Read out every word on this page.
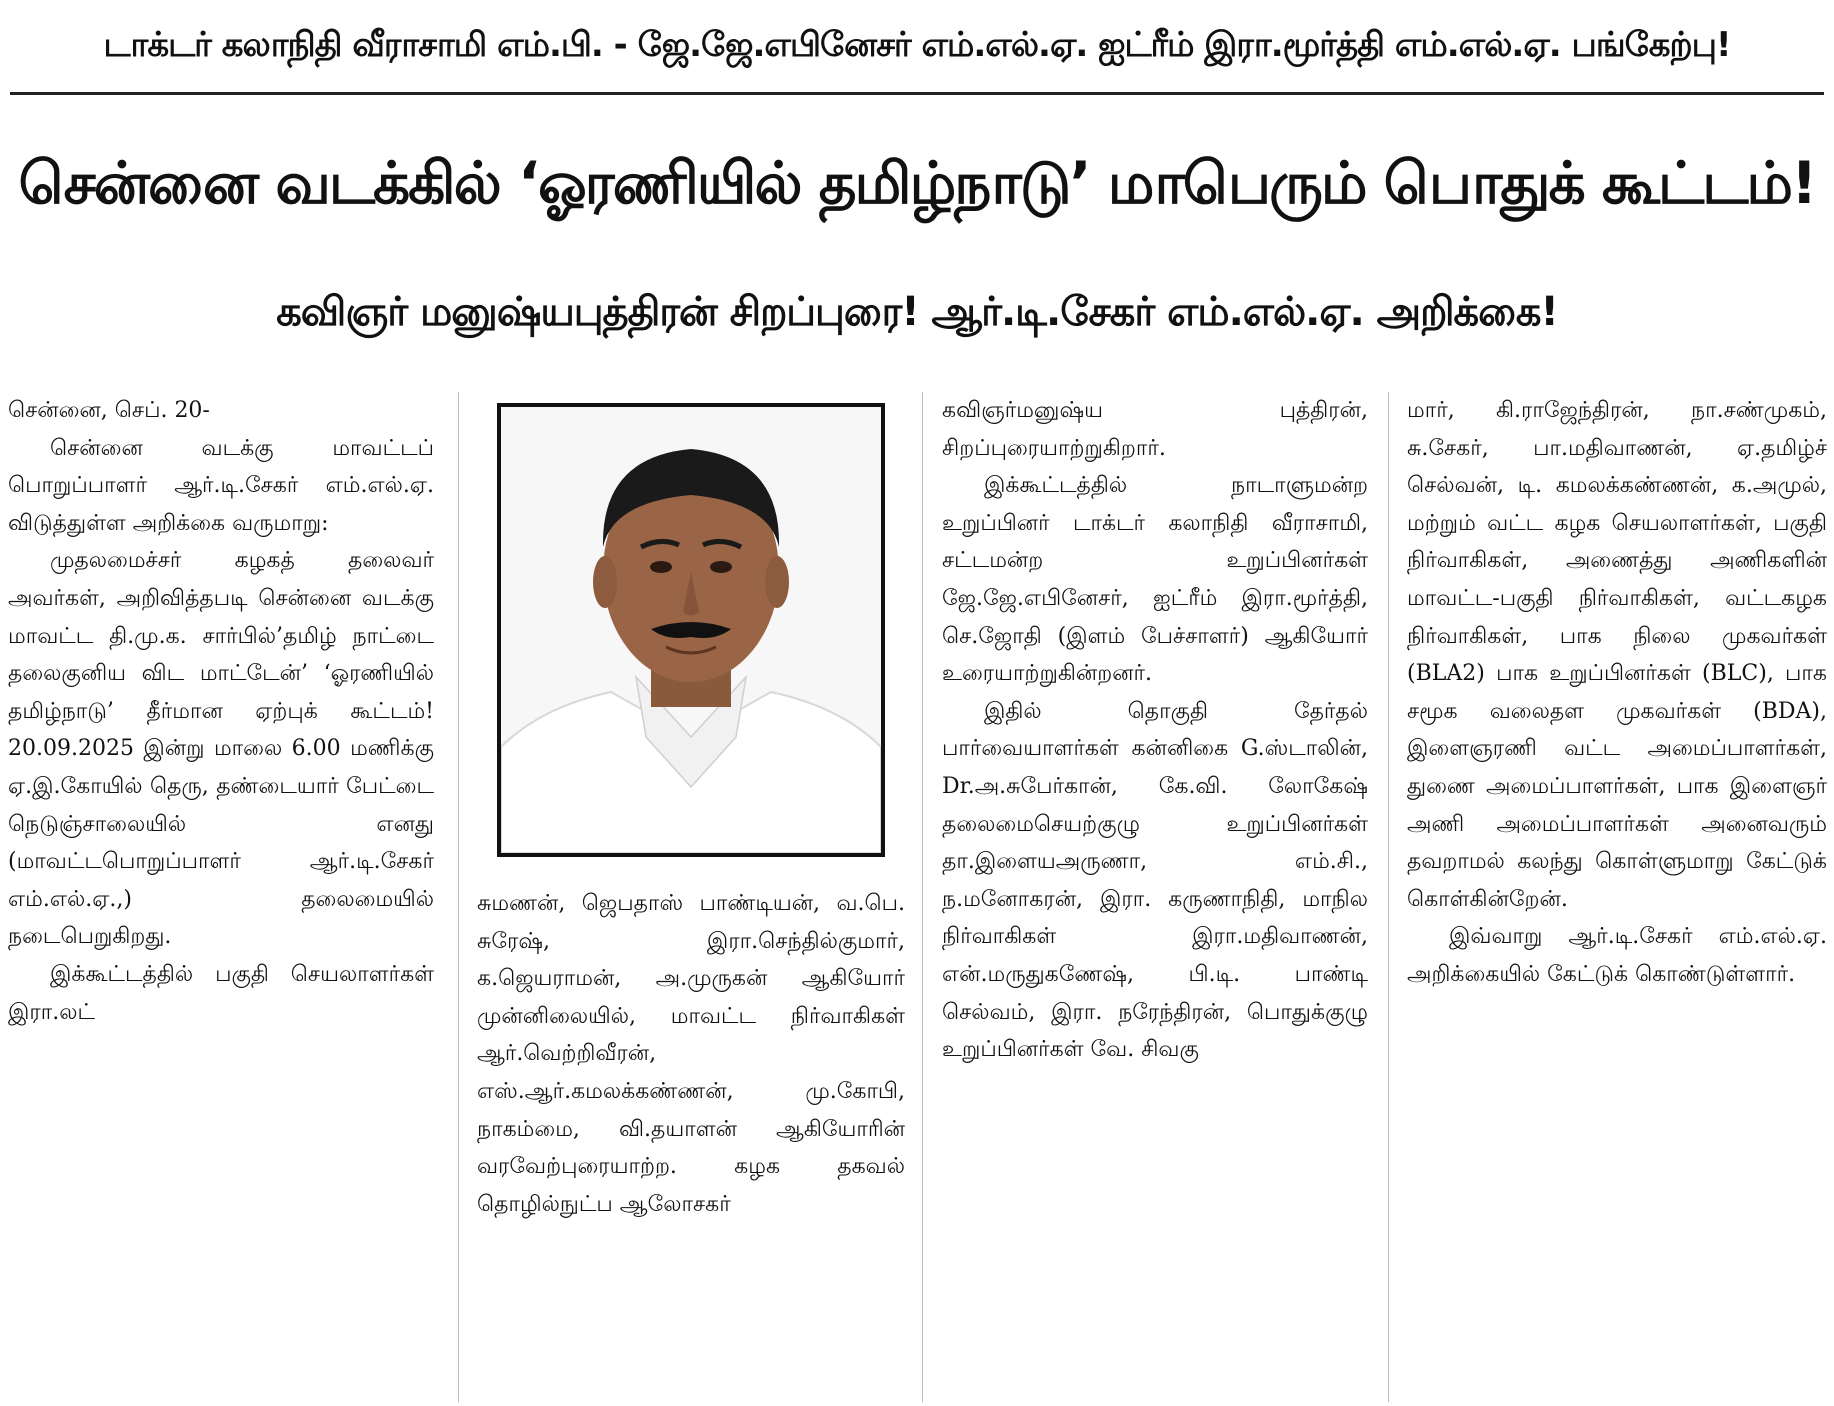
டாக்டர் கலாநிதி வீராசாமி எம்.பி. - ஜே.ஜே.எபினேசர் எம்.எல்.ஏ. ஐட்ரீம் இரா.மூர்த்தி எம்.எல்.ஏ. பங்கேற்பு!
சென்னை வடக்கில் ‘ஓரணியில் தமிழ்நாடு’ மாபெரும் பொதுக் கூட்டம்!
கவிஞர் மனுஷ்யபுத்திரன் சிறப்புரை! ஆர்.டி.சேகர் எம்.எல்.ஏ. அறிக்கை!

சென்னை, செப். 20-

சென்னை வடக்கு மாவட்டப் பொறுப்பாளர் ஆர்.டி.சேகர் எம்.எல்.ஏ. விடுத்துள்ள அறிக்கை வருமாறு:

முதலமைச்சர் கழகத் தலைவர் அவர்கள், அறிவித்தபடி சென்னை வடக்கு மாவட்ட தி.மு.க. சார்பில்’தமிழ் நாட்டை தலைகுனிய விட மாட்டேன்’ ‘ஓரணியில் தமிழ்நாடு’ தீர்மான ஏற்புக் கூட்டம்! 20.09.2025 இன்று மாலை 6.00 மணிக்கு ஏ.இ.கோயில் தெரு, தண்டையார் பேட்டை நெடுஞ்சாலையில் எனது (மாவட்டபொறுப்பாளர் ஆர்.டி.சேகர் எம்.எல்.ஏ.,) தலைமையில் நடைபெறுகிறது.

இக்கூட்டத்தில் பகுதி செயலாளர்கள் இரா.லட்

சுமணன், ஜெபதாஸ் பாண்டியன், வ.பெ. சுரேஷ், இரா.செந்தில்குமார், க.ஜெயராமன், அ.முருகன் ஆகியோர் முன்னிலையில், மாவட்ட நிர்வாகிகள் ஆர்.வெற்றிவீரன், எஸ்.ஆர்.கமலக்கண்ணன், மு.கோபி, நாகம்மை, வி.தயாளன் ஆகியோரின் வரவேற்புரையாற்ற. கழக தகவல் தொழில்நுட்ப ஆலோசகர்

கவிஞர்மனுஷ்ய புத்திரன், சிறப்புரையாற்றுகிறார்.

இக்கூட்டத்தில் நாடாளுமன்ற உறுப்பினர் டாக்டர் கலாநிதி வீராசாமி, சட்டமன்ற உறுப்பினர்கள் ஜே.ஜே.எபினேசர், ஐட்ரீம் இரா.மூர்த்தி, செ.ஜோதி (இளம் பேச்சாளர்) ஆகியோர் உரையாற்றுகின்றனர்.

இதில் தொகுதி தேர்தல் பார்வையாளர்கள் கன்னிகை G.ஸ்டாலின், Dr.அ.சுபேர்கான், கே.வி. லோகேஷ் தலைமைசெயற்குழு உறுப்பினர்கள் தா.இளையஅருணா, எம்.சி., ந.மனோகரன், இரா. கருணாநிதி, மாநில நிர்வாகிகள் இரா.மதிவாணன், என்.மருதுகணேஷ், பி.டி. பாண்டி செல்வம், இரா. நரேந்திரன், பொதுக்குழு உறுப்பினர்கள் வே. சிவகு

மார், கி.ராஜேந்திரன், நா.சண்முகம், சு.சேகர், பா.மதிவாணன், ஏ.தமிழ்ச் செல்வன், டி. கமலக்கண்ணன், க.அமுல், மற்றும் வட்ட கழக செயலாளர்கள், பகுதி நிர்வாகிகள், அணைத்து அணிகளின் மாவட்ட-பகுதி நிர்வாகிகள், வட்டகழக நிர்வாகிகள், பாக நிலை முகவர்கள் (BLA2) பாக உறுப்பினர்கள் (BLC), பாக சமூக வலைதள முகவர்கள் (BDA), இளைஞரணி வட்ட அமைப்பாளர்கள், துணை அமைப்பாளர்கள், பாக இளைஞர் அணி அமைப்பாளர்கள் அனைவரும் தவறாமல் கலந்து கொள்ளுமாறு கேட்டுக் கொள்கின்றேன்.

இவ்வாறு ஆர்.டி.சேகர் எம்.எல்.ஏ. அறிக்கையில் கேட்டுக் கொண்டுள்ளார்.
